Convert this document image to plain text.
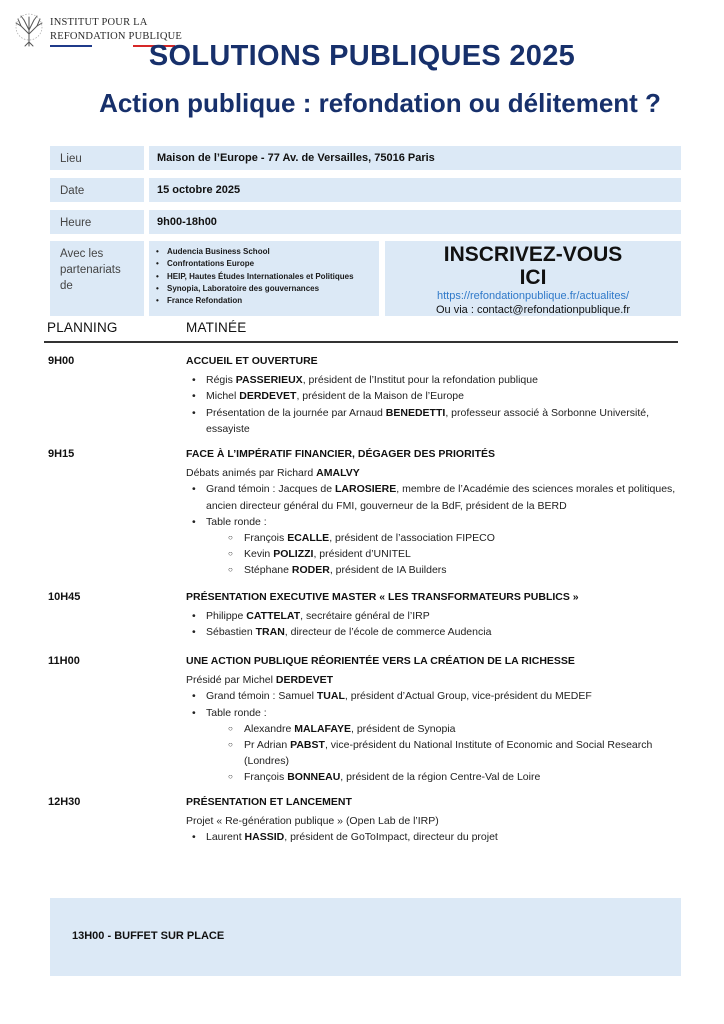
INSTITUT POUR LA
REFONDATION PUBLIQUE
SOLUTIONS PUBLIQUES 2025
Action publique : refondation ou délitement ?
Lieu	Maison de l’Europe - 77 Av. de Versailles, 75016 Paris
Date	15 octobre 2025
Heure	9h00-18h00
Avec les
partenariats de
• Audencia Business School
• Confrontations Europe
• HEIP, Hautes Études Internationales et Politiques
• Synopia, Laboratoire des gouvernances
• France Refondation
INSCRIVEZ-VOUS
ICI
https://refondationpublique.fr/actualites/
Ou via : contact@refondationpublique.fr
PLANNING	MATINÉE
9H00	ACCUEIL ET OUVERTURE
• Régis PASSERIEUX, président de l’Institut pour la refondation publique
• Michel DERDEVET, président de la Maison de l’Europe
• Présentation de la journée par Arnaud BENEDETTI, professeur associé à Sorbonne Université, essayiste
9H15	FACE À L’IMPÉRATIF FINANCIER, DÉGAGER DES PRIORITÉS
Débats animés par Richard AMALVY
• Grand témoin : Jacques de LAROSIERE, membre de l’Académie des sciences morales et politiques, ancien directeur général du FMI, gouverneur de la BdF, président de la BERD
• Table ronde :
○ François ECALLE, président de l’association FIPECO
○ Kevin POLIZZI, président d’UNITEL
○ Stéphane RODER, président de IA Builders
10H45	PRÉSENTATION EXECUTIVE MASTER « LES TRANSFORMATEURS PUBLICS »
• Philippe CATTELAT, secrétaire général de l’IRP
• Sébastien TRAN, directeur de l’école de commerce Audencia
11H00	UNE ACTION PUBLIQUE RÉORIENTÉE VERS LA CRÉATION DE LA RICHESSE
Présidé par Michel DERDEVET
• Grand témoin : Samuel TUAL, président d’Actual Group, vice-président du MEDEF
• Table ronde :
○ Alexandre MALAFAYE, président de Synopia
○ Pr Adrian PABST, vice-président du National Institute of Economic and Social Research (Londres)
○ François BONNEAU, président de la région Centre-Val de Loire
12H30	PRÉSENTATION ET LANCEMENT
Projet « Re-génération publique » (Open Lab de l’IRP)
• Laurent HASSID, président de GoToImpact, directeur du projet
13H00 - BUFFET SUR PLACE
